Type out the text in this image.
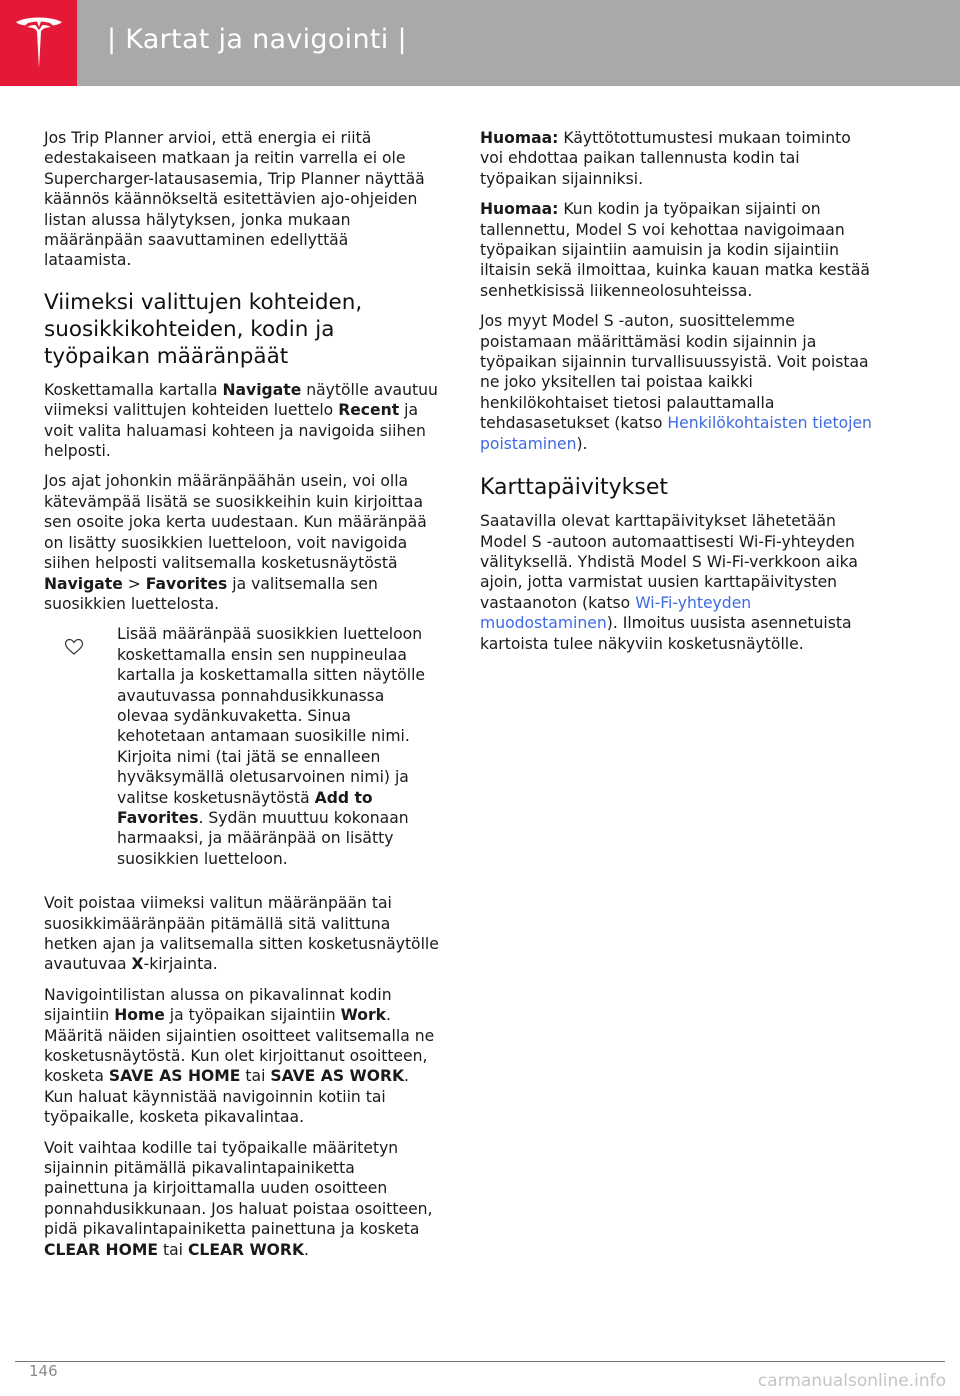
| Kartat ja navigointi |

Jos Trip Planner arvioi, että energia ei riitä edestakaiseen matkaan ja reitin varrella ei ole Supercharger-latausasemia, Trip Planner näyttää käännös käännökseltä esitettävien ajo-ohjeiden listan alussa hälytyksen, jonka mukaan määränpään saavuttaminen edellyttää lataamista.

Viimeksi valittujen kohteiden, suosikkikohteiden, kodin ja työpaikan määränpäät

Koskettamalla kartalla Navigate näytölle avautuu viimeksi valittujen kohteiden luettelo Recent ja voit valita haluamasi kohteen ja navigoida siihen helposti.

Jos ajat johonkin määränpäähän usein, voi olla kätevämpää lisätä se suosikkeihin kuin kirjoittaa sen osoite joka kerta uudestaan. Kun määränpää on lisätty suosikkien luetteloon, voit navigoida siihen helposti valitsemalla kosketusnäytöstä Navigate > Favorites ja valitsemalla sen suosikkien luettelosta.

Lisää määränpää suosikkien luetteloon koskettamalla ensin sen nuppineulaa kartalla ja koskettamalla sitten näytölle avautuvassa ponnahdusikkunassa olevaa sydänkuvaketta. Sinua kehotetaan antamaan suosikille nimi. Kirjoita nimi (tai jätä se ennalleen hyväksymällä oletusarvoinen nimi) ja valitse kosketusnäytöstä Add to Favorites. Sydän muuttuu kokonaan harmaaksi, ja määränpää on lisätty suosikkien luetteloon.

Voit poistaa viimeksi valitun määränpään tai suosikkimääränpään pitämällä sitä valittuna hetken ajan ja valitsemalla sitten kosketusnäytölle avautuvaa X-kirjainta.

Navigointilistan alussa on pikavalinnat kodin sijaintiin Home ja työpaikan sijaintiin Work. Määritä näiden sijaintien osoitteet valitsemalla ne kosketusnäytöstä. Kun olet kirjoittanut osoitteen, kosketa SAVE AS HOME tai SAVE AS WORK. Kun haluat käynnistää navigoinnin kotiin tai työpaikalle, kosketa pikavalintaa.

Voit vaihtaa kodille tai työpaikalle määritetyn sijainnin pitämällä pikavalintapainiketta painettuna ja kirjoittamalla uuden osoitteen ponnahdusikkunaan. Jos haluat poistaa osoitteen, pidä pikavalintapainiketta painettuna ja kosketa CLEAR HOME tai CLEAR WORK.

Huomaa: Käyttötottumustesi mukaan toiminto voi ehdottaa paikan tallennusta kodin tai työpaikan sijainniksi.

Huomaa: Kun kodin ja työpaikan sijainti on tallennettu, Model S voi kehottaa navigoimaan työpaikan sijaintiin aamuisin ja kodin sijaintiin iltaisin sekä ilmoittaa, kuinka kauan matka kestää senhetkisissä liikenneolosuhteissa.

Jos myyt Model S -auton, suosittelemme poistamaan määrittämäsi kodin sijainnin ja työpaikan sijainnin turvallisuussyistä. Voit poistaa ne joko yksitellen tai poistaa kaikki henkilökohtaiset tietosi palauttamalla tehdasasetukset (katso Henkilökohtaisten tietojen poistaminen).

Karttapäivitykset

Saatavilla olevat karttapäivitykset lähetetään Model S -autoon automaattisesti Wi-Fi-yhteyden välityksellä. Yhdistä Model S Wi-Fi-verkkoon aika ajoin, jotta varmistat uusien karttapäivitysten vastaanoton (katso Wi-Fi-yhteyden muodostaminen). Ilmoitus uusista asennetuista kartoista tulee näkyviin kosketusnäytölle.

146	carmanualsonline.info
